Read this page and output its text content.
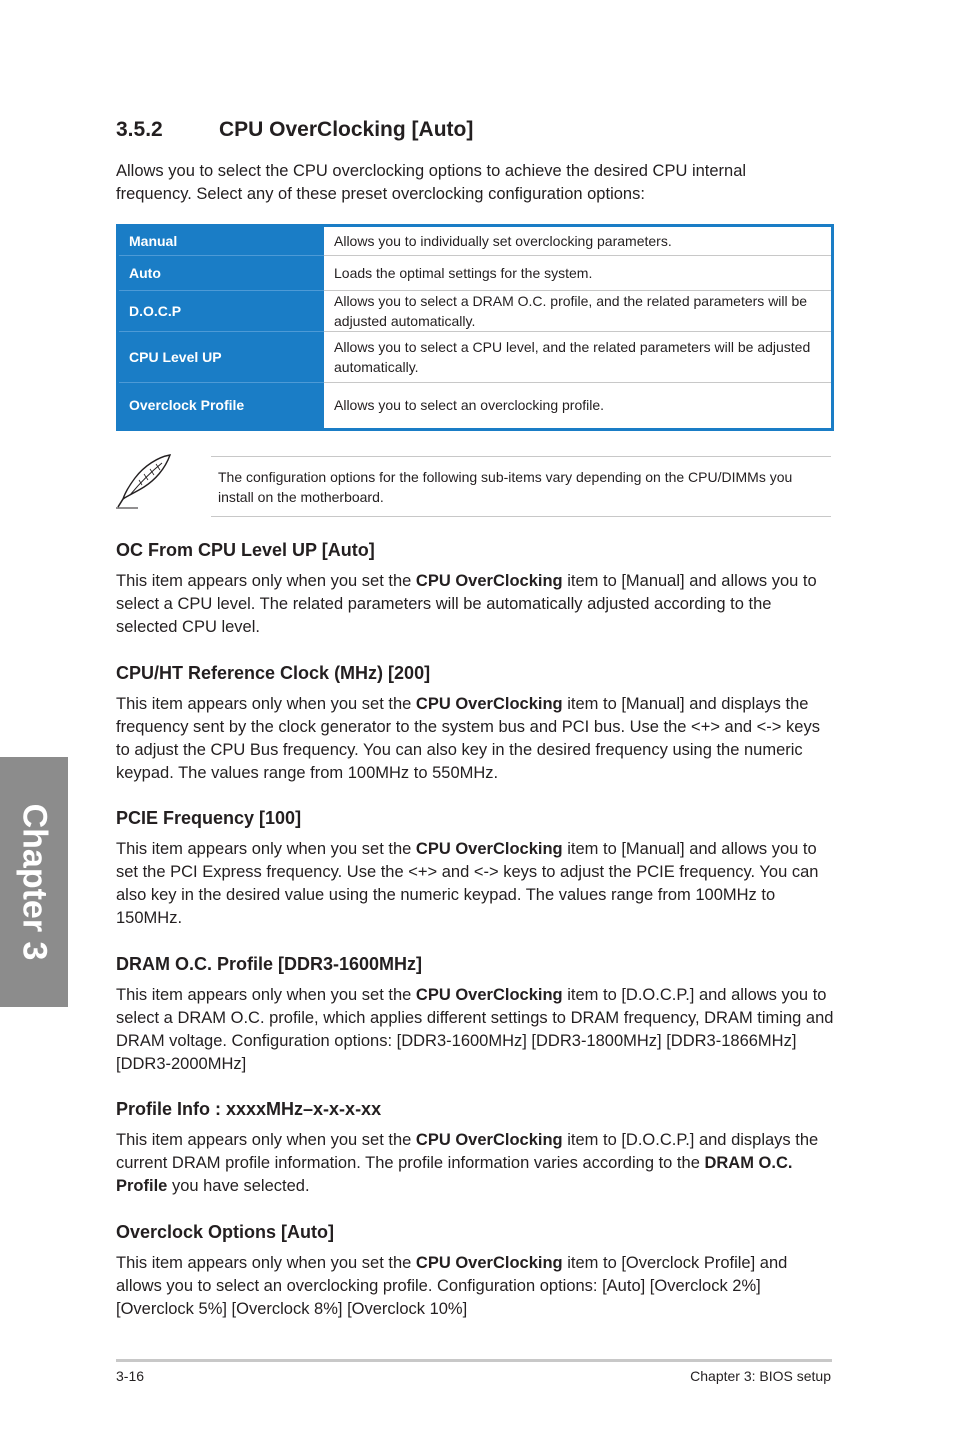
3.5.2	CPU OverClocking [Auto]

Allows you to select the CPU overclocking options to achieve the desired CPU internal frequency. Select any of these preset overclocking configuration options:

Manual	Allows you to individually set overclocking parameters.
Auto	Loads the optimal settings for the system.
D.O.C.P	Allows you to select a DRAM O.C. profile, and the related parameters will be adjusted automatically.
CPU Level UP	Allows you to select a CPU level, and the related parameters will be adjusted automatically.
Overclock Profile	Allows you to select an overclocking profile.

The configuration options for the following sub-items vary depending on the CPU/DIMMs you install on the motherboard.

OC From CPU Level UP [Auto]

This item appears only when you set the CPU OverClocking item to [Manual] and allows you to select a CPU level. The related parameters will be automatically adjusted according to the selected CPU level.

CPU/HT Reference Clock (MHz) [200]

This item appears only when you set the CPU OverClocking item to [Manual] and displays the frequency sent by the clock generator to the system bus and PCI bus. Use the <+> and <-> keys to adjust the CPU Bus frequency. You can also key in the desired frequency using the numeric keypad. The values range from 100MHz to 550MHz.

PCIE Frequency [100]

This item appears only when you set the CPU OverClocking item to [Manual] and allows you to set the PCI Express frequency. Use the <+> and <-> keys to adjust the PCIE frequency. You can also key in the desired value using the numeric keypad. The values range from 100MHz to 150MHz.

DRAM O.C. Profile [DDR3-1600MHz]

This item appears only when you set the CPU OverClocking item to [D.O.C.P.] and allows you to select a DRAM O.C. profile, which applies different settings to DRAM frequency, DRAM timing and DRAM voltage. Configuration options: [DDR3-1600MHz] [DDR3-1800MHz] [DDR3-1866MHz] [DDR3-2000MHz]

Profile Info : xxxxMHz–x-x-x-xx

This item appears only when you set the CPU OverClocking item to [D.O.C.P.] and displays the current DRAM profile information. The profile information varies according to the DRAM O.C. Profile you have selected.

Overclock Options [Auto]

This item appears only when you set the CPU OverClocking item to [Overclock Profile] and allows you to select an overclocking profile. Configuration options: [Auto] [Overclock 2%] [Overclock 5%] [Overclock 8%] [Overclock 10%]

Chapter 3

3-16	Chapter 3: BIOS setup
